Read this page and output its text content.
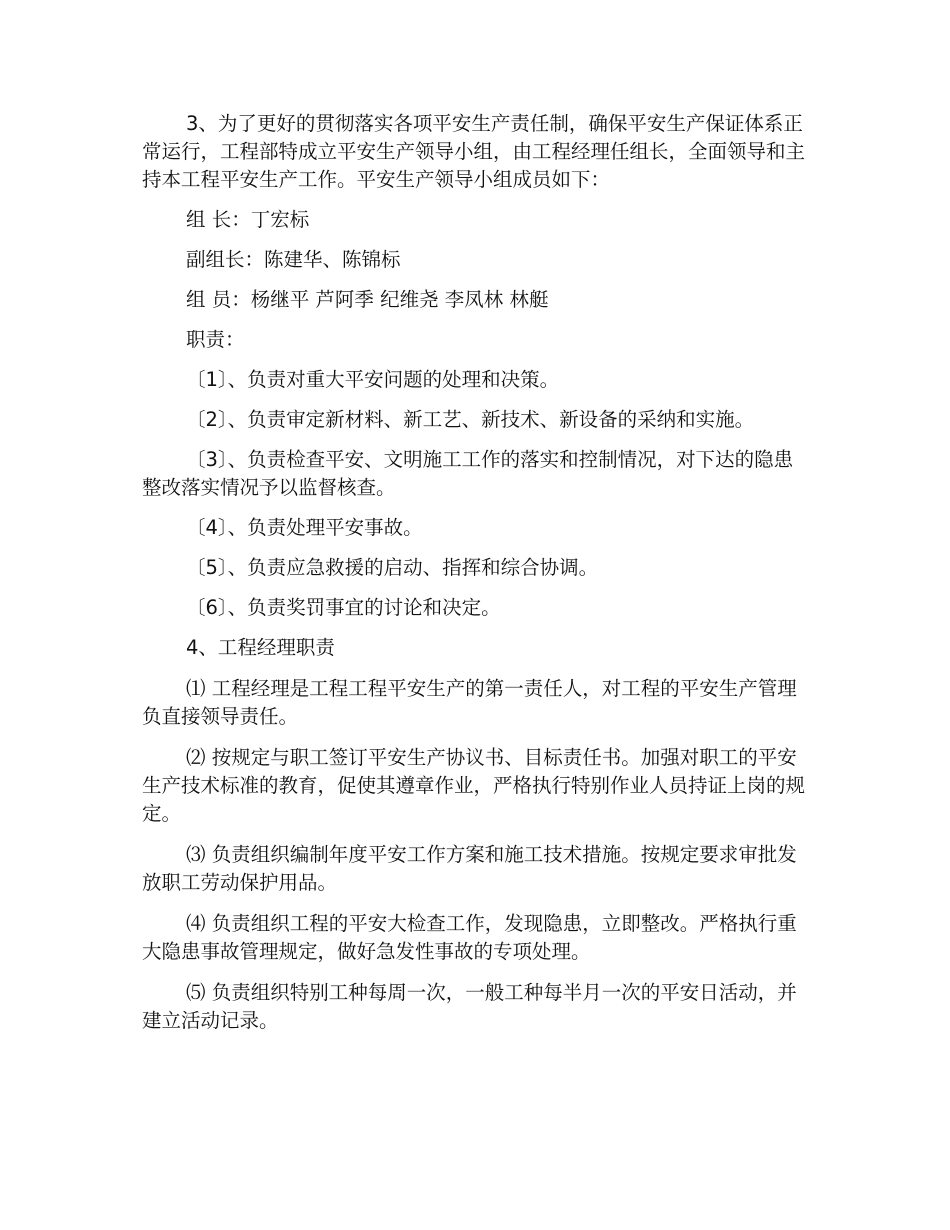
3、为了更好的贯彻落实各项平安生产责任制，确保平安生产保证体系正常运行，工程部特成立平安生产领导小组，由工程经理任组长，全面领导和主持本工程平安生产工作。平安生产领导小组成员如下：

组 长：丁宏标

副组长：陈建华、陈锦标

组 员：杨继平 芦阿季 纪维尧 李凤林 林艇

职责：

〔1〕、负责对重大平安问题的处理和决策。

〔2〕、负责审定新材料、新工艺、新技术、新设备的采纳和实施。

〔3〕、负责检查平安、文明施工工作的落实和控制情况，对下达的隐患整改落实情况予以监督核查。

〔4〕、负责处理平安事故。

〔5〕、负责应急救援的启动、指挥和综合协调。

〔6〕、负责奖罚事宜的讨论和决定。

4、工程经理职责

⑴ 工程经理是工程工程平安生产的第一责任人，对工程的平安生产管理负直接领导责任。

⑵ 按规定与职工签订平安生产协议书、目标责任书。加强对职工的平安生产技术标准的教育，促使其遵章作业，严格执行特别作业人员持证上岗的规定。

⑶ 负责组织编制年度平安工作方案和施工技术措施。按规定要求审批发放职工劳动保护用品。

⑷ 负责组织工程的平安大检查工作，发现隐患，立即整改。严格执行重大隐患事故管理规定，做好急发性事故的专项处理。

⑸ 负责组织特别工种每周一次，一般工种每半月一次的平安日活动，并建立活动记录。
